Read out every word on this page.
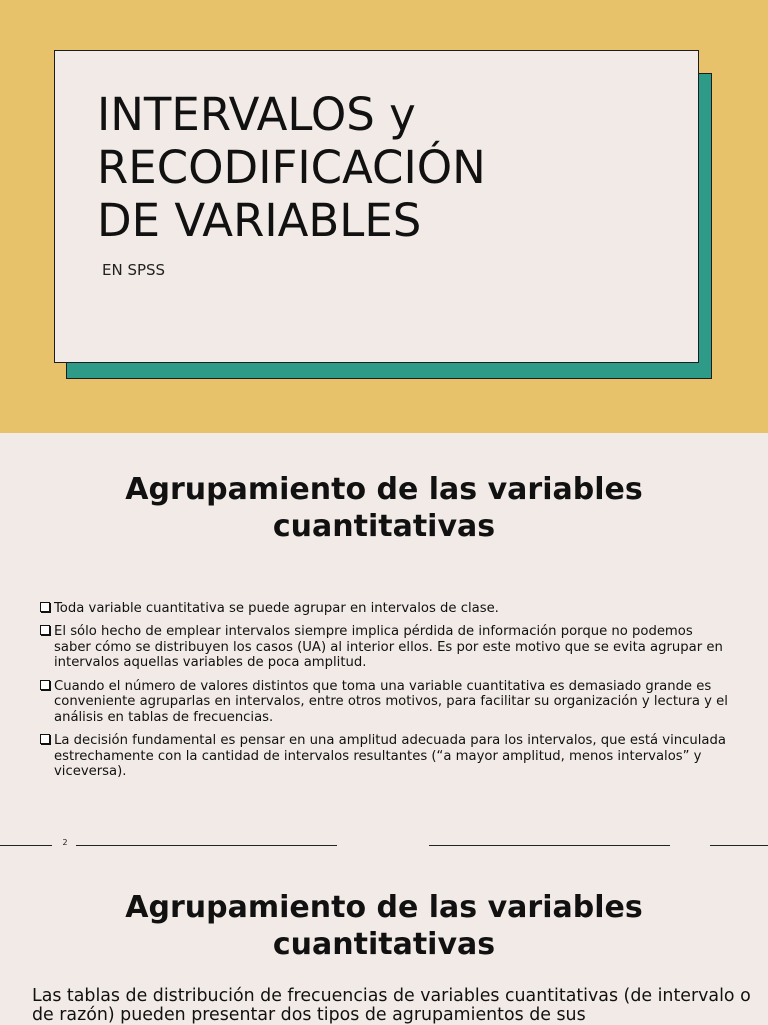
INTERVALOS y
RECODIFICACIÓN
DE VARIABLES

EN SPSS

Agrupamiento de las variables
cuantitativas
Toda variable cuantitativa se puede agrupar en intervalos de clase.
El sólo hecho de emplear intervalos siempre implica pérdida de información porque no podemos saber cómo se distribuyen los casos (UA) al interior ellos. Es por este motivo que se evita agrupar en intervalos aquellas variables de poca amplitud.
Cuando el número de valores distintos que toma una variable cuantitativa es demasiado grande es conveniente agruparlas en intervalos, entre otros motivos, para facilitar su organización y lectura y el análisis en tablas de frecuencias.
La decisión fundamental es pensar en una amplitud adecuada para los intervalos, que está vinculada estrechamente con la cantidad de intervalos resultantes (“a mayor amplitud, menos intervalos” y viceversa).
2
Agrupamiento de las variables
cuantitativas

Las tablas de distribución de frecuencias de variables cuantitativas (de intervalo o de razón) pueden presentar dos tipos de agrupamientos de sus
